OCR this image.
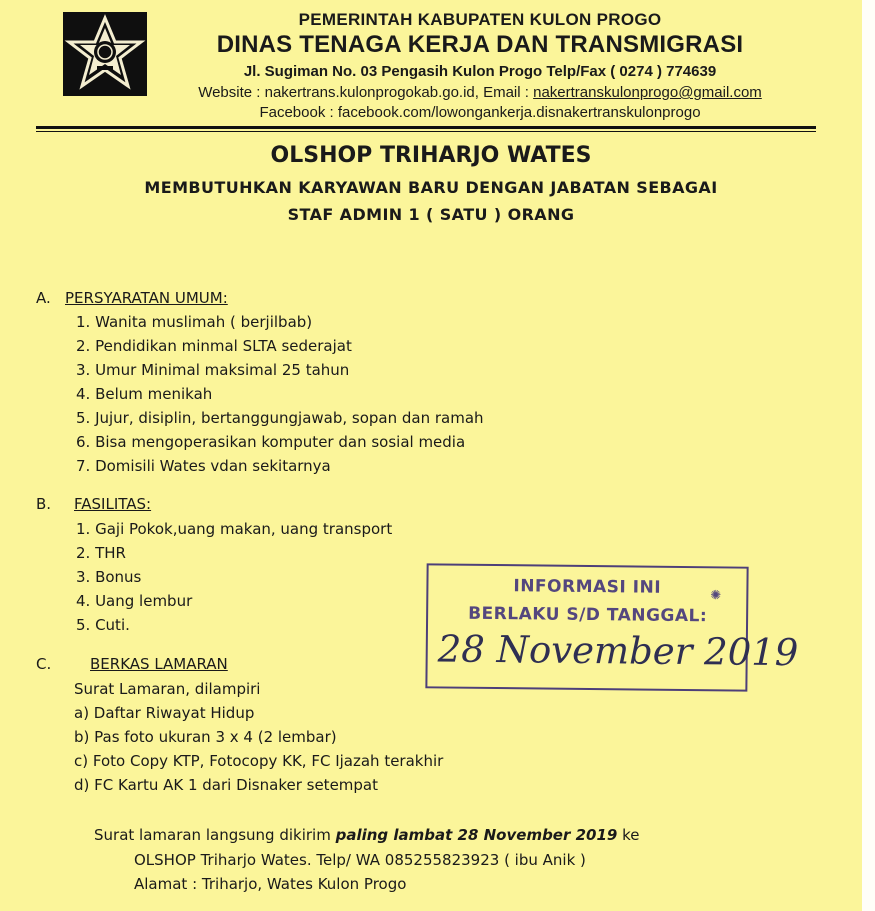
PEMERINTAH KABUPATEN KULON PROGO
DINAS TENAGA KERJA DAN TRANSMIGRASI
Jl. Sugiman No. 03 Pengasih Kulon Progo Telp/Fax ( 0274 ) 774639
Website : nakertrans.kulonprogokab.go.id, Email : nakertranskulonprogo@gmail.com
Facebook : facebook.com/lowongankerja.disnakertranskulonprogo
OLSHOP TRIHARJO WATES
MEMBUTUHKAN KARYAWAN BARU DENGAN JABATAN SEBAGAI
STAF ADMIN 1 ( SATU ) ORANG
A. PERSYARATAN UMUM:
1. Wanita muslimah ( berjilbab)
2. Pendidikan minmal SLTA sederajat
3. Umur Minimal maksimal 25 tahun
4. Belum menikah
5. Jujur, disiplin, bertanggungjawab, sopan dan ramah
6. Bisa mengoperasikan komputer dan sosial media
7. Domisili Wates vdan sekitarnya
B. FASILITAS:
1. Gaji Pokok,uang makan, uang transport
2. THR
3. Bonus
4. Uang lembur
5. Cuti.
C.	BERKAS LAMARAN
Surat Lamaran, dilampiri
a) Daftar Riwayat Hidup
b) Pas foto ukuran 3 x 4 (2 lembar)
c) Foto Copy KTP, Fotocopy KK, FC Ijazah terakhir
d) FC Kartu AK 1 dari Disnaker setempat
INFORMASI INI	✺
BERLAKU S/D TANGGAL:
28 November 2019
Surat lamaran langsung dikirim paling lambat 28 November 2019 ke
OLSHOP Triharjo Wates. Telp/ WA 085255823923 ( ibu Anik )
Alamat : Triharjo, Wates Kulon Progo
